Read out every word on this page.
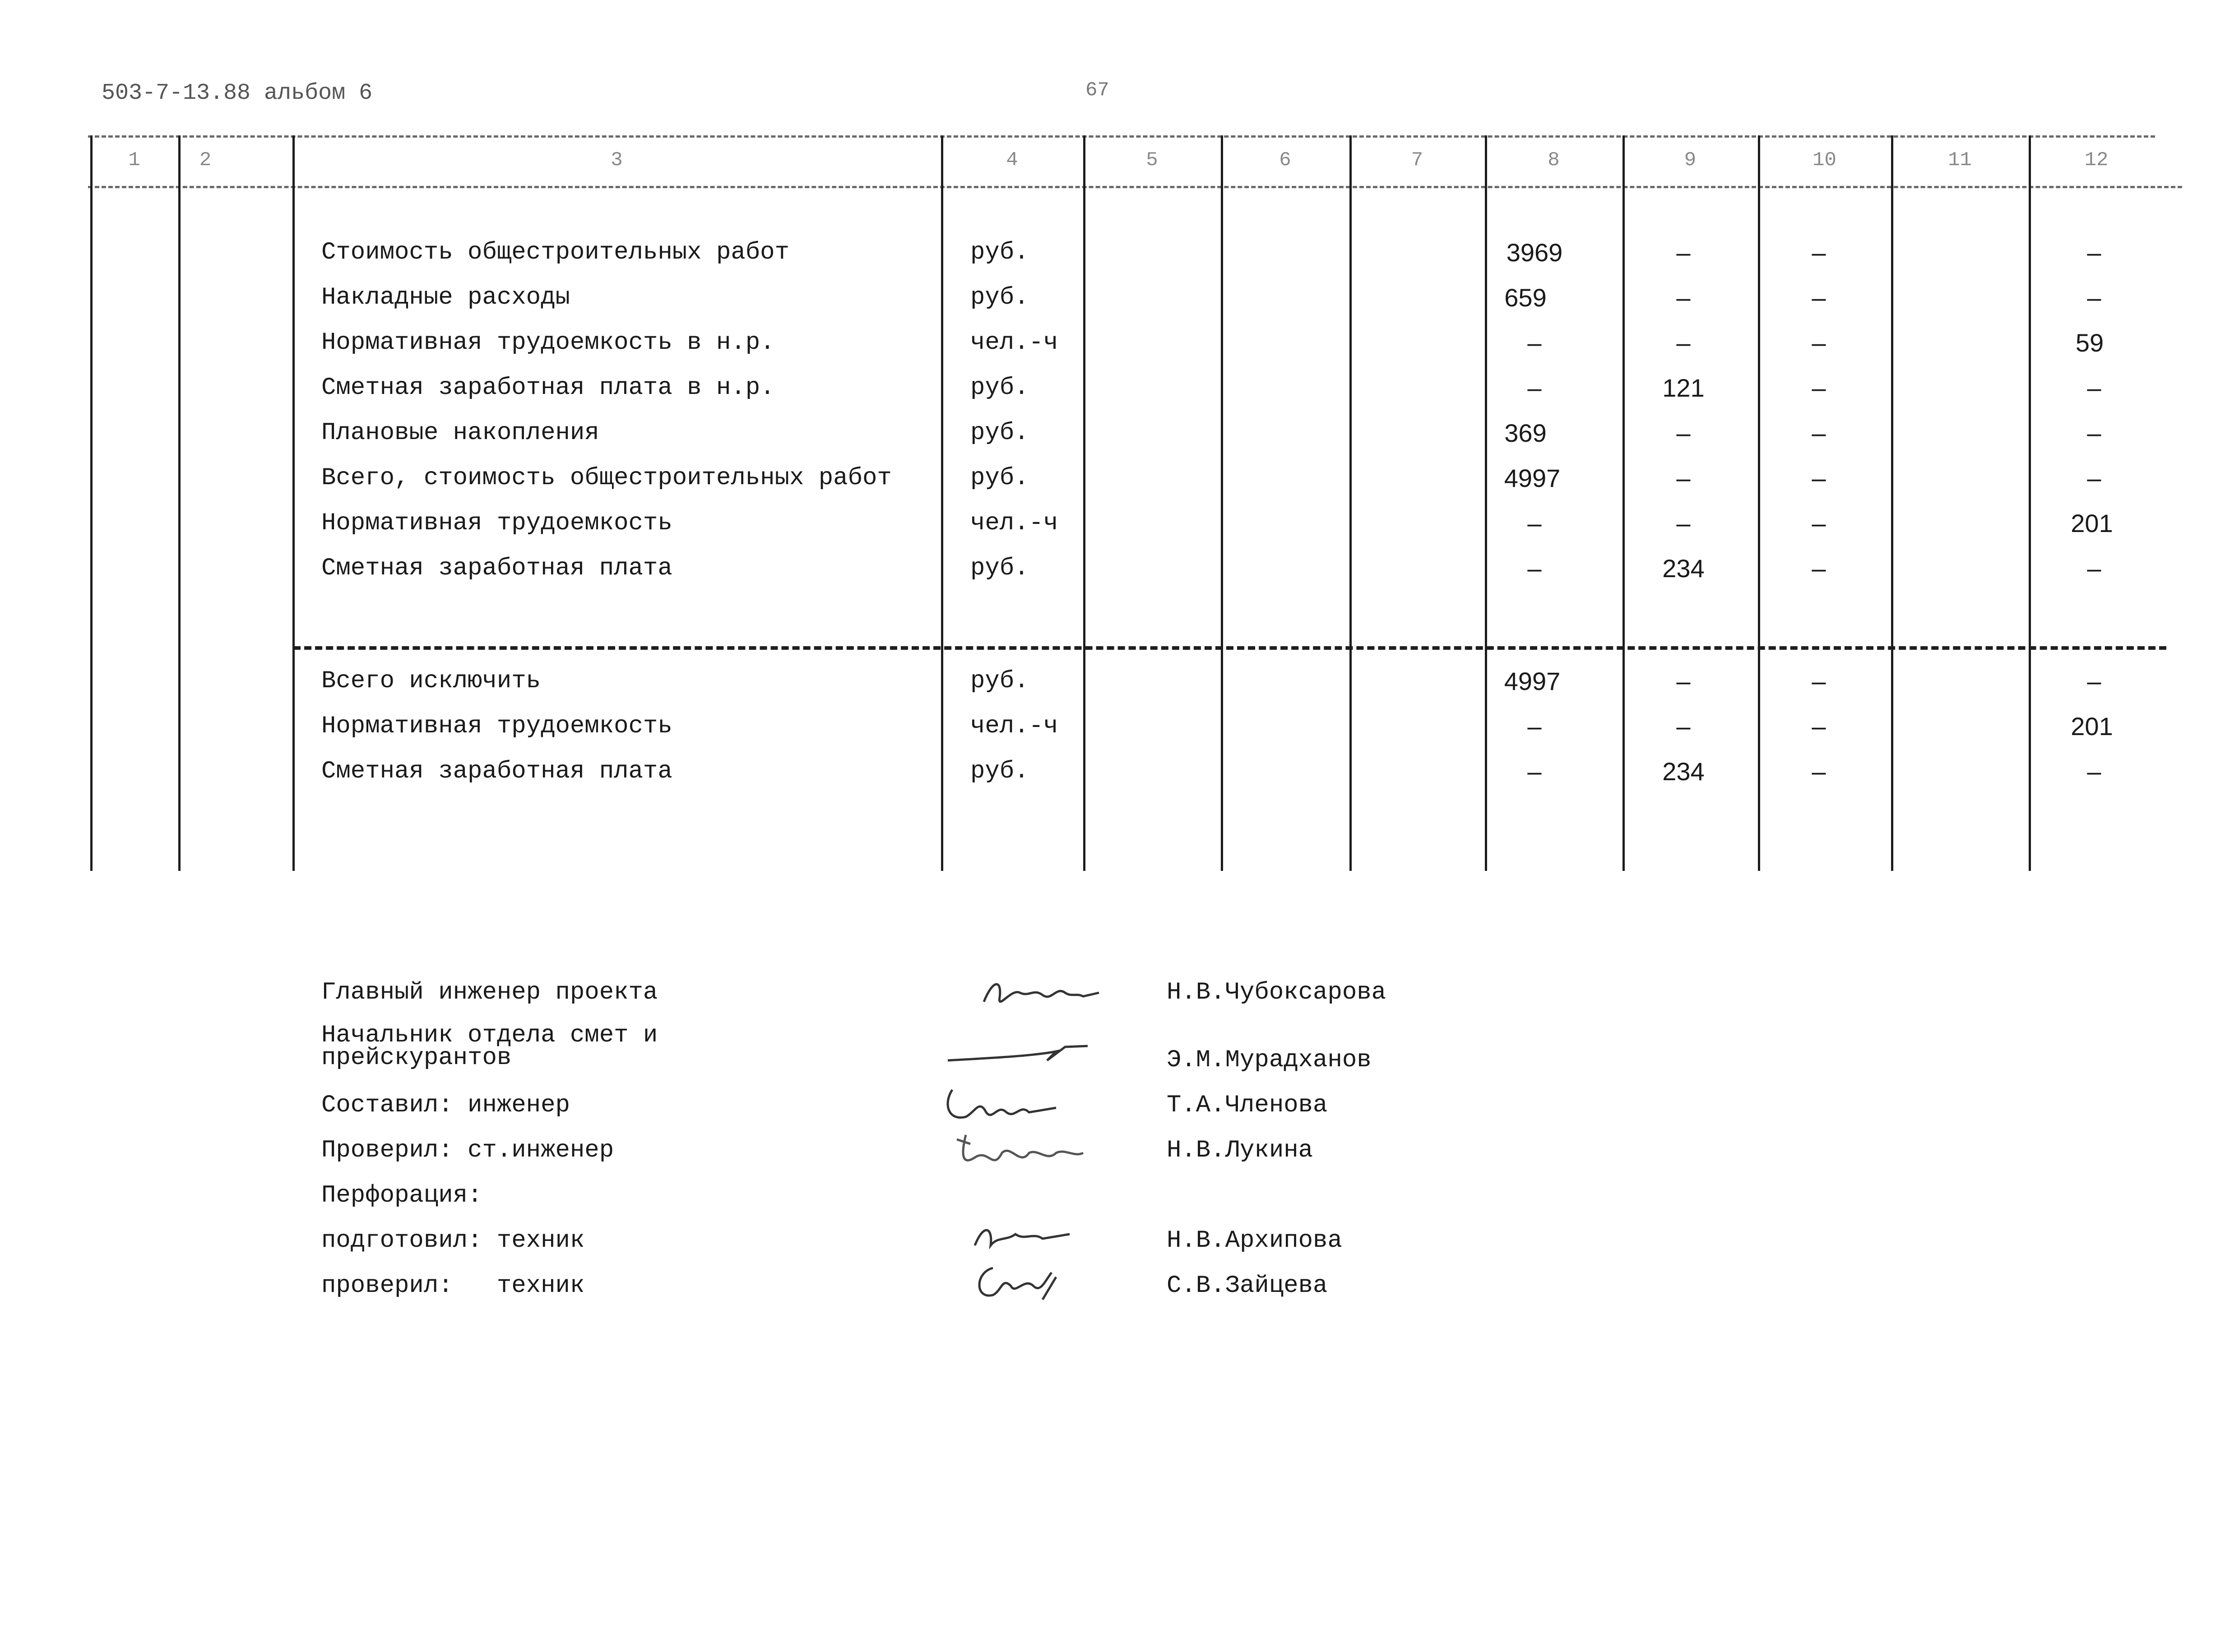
503-7-13.88 альбом 6	67
1	2	3	4	5	6	7	8	9	10	11	12
Стоимость общестроительных работ	руб.	3969	–	–	–
Накладные расходы	руб.	659	–	–	–
Нормативная трудоемкость в н.р.	чел.-ч	–	–	–	59
Сметная заработная плата в н.р.	руб.	–	121	–	–
Плановые накопления	руб.	369	–	–	–
Всего, стоимость общестроительных работ	руб.	4997	–	–	–
Нормативная трудоемкость	чел.-ч	–	–	–	201
Сметная заработная плата	руб.	–	234	–	–
Всего исключить	руб.	4997	–	–	–
Нормативная трудоемкость	чел.-ч	–	–	–	201
Сметная заработная плата	руб.	–	234	–	–
Главный инженер проекта	Н.В.Чубоксарова
Начальник отдела смет и прейскурантов	Э.М.Мурадханов
Составил: инженер	Т.А.Членова
Проверил: ст.инженер	Н.В.Лукина
Перфорация:
подготовил: техник	Н.В.Архипова
проверил:   техник	С.В.Зайцева
